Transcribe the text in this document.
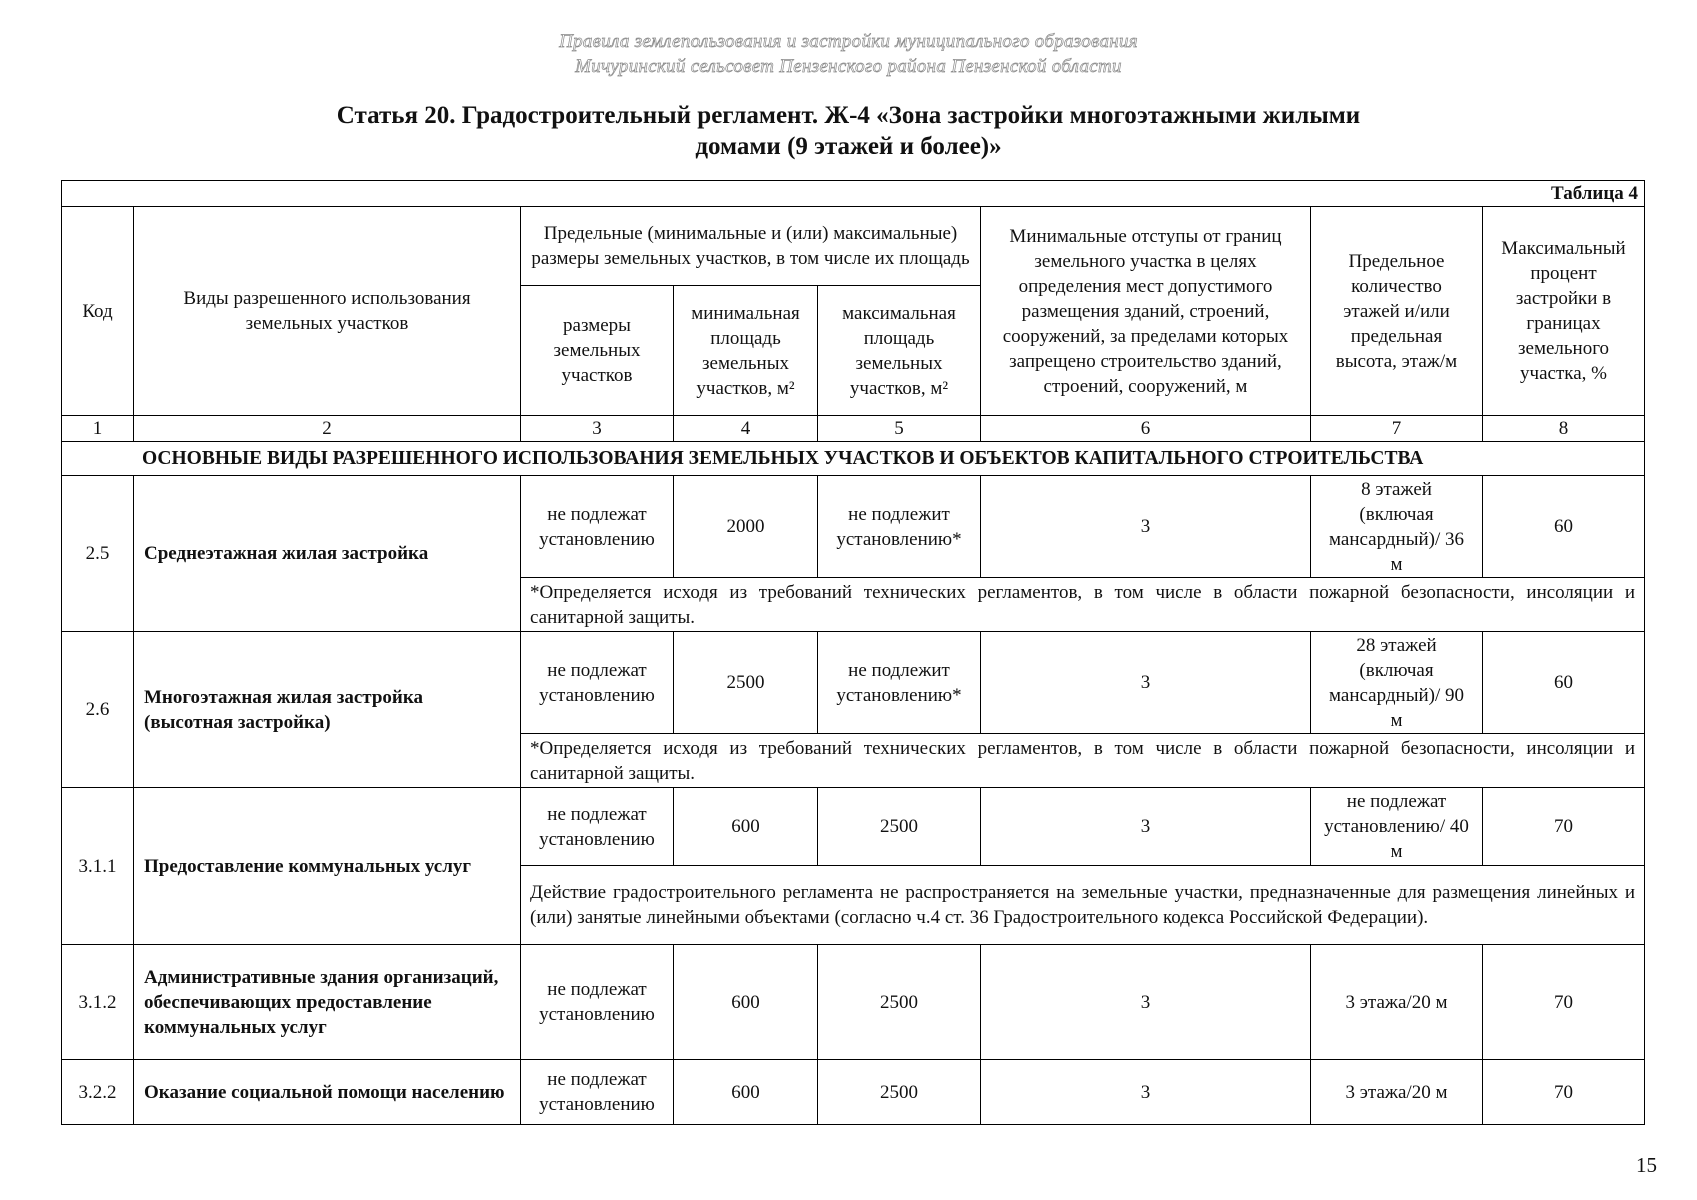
Правила землепользования и застройки муниципального образования
Мичуринский сельсовет Пензенского района Пензенской области
Статья 20. Градостроительный регламент. Ж-4 «Зона застройки многоэтажными жилыми
домами (9 этажей и более)»
Таблица 4							
Код	Виды разрешенного использования земельных участков	Предельные (минимальные и (или) максимальные) размеры земельных участков, в том числе их площадь			Минимальные отступы от границ земельного участка в целях определения мест допустимого размещения зданий, строений, сооружений, за пределами которых запрещено строительство зданий, строений, сооружений, м	Предельное количество этажей и/или предельная высота, этаж/м	Максимальный процент застройки в границах земельного участка, %
		размеры земельных участков	минимальная площадь земельных участков, м²	максимальная площадь земельных участков, м²			
1	2	3	4	5	6	7	8
ОСНОВНЫЕ ВИДЫ РАЗРЕШЕННОГО ИСПОЛЬЗОВАНИЯ ЗЕМЕЛЬНЫХ УЧАСТКОВ И ОБЪЕКТОВ КАПИТАЛЬНОГО СТРОИТЕЛЬСТВА							
2.5	Среднеэтажная жилая застройка	не подлежат установлению	2000	не подлежит установлению*	3	8 этажей (включая мансардный)/ 36 м	60
		*Определяется исходя из требований технических регламентов, в том числе в области пожарной безопасности, инсоляции и санитарной защиты.					
2.6	Многоэтажная жилая застройка (высотная застройка)	не подлежат установлению	2500	не подлежит установлению*	3	28 этажей (включая мансардный)/ 90 м	60
		*Определяется исходя из требований технических регламентов, в том числе в области пожарной безопасности, инсоляции и санитарной защиты.					
3.1.1	Предоставление коммунальных услуг	не подлежат установлению	600	2500	3	не подлежат установлению/ 40 м	70
		Действие градостроительного регламента не распространяется на земельные участки, предназначенные для размещения линейных и (или) занятые линейными объектами (согласно ч.4 ст. 36 Градостроительного кодекса Российской Федерации).					
3.1.2	Административные здания организаций, обеспечивающих предоставление коммунальных услуг	не подлежат установлению	600	2500	3	3 этажа/20 м	70
3.2.2	Оказание социальной помощи населению	не подлежат установлению	600	2500	3	3 этажа/20 м	70
15
